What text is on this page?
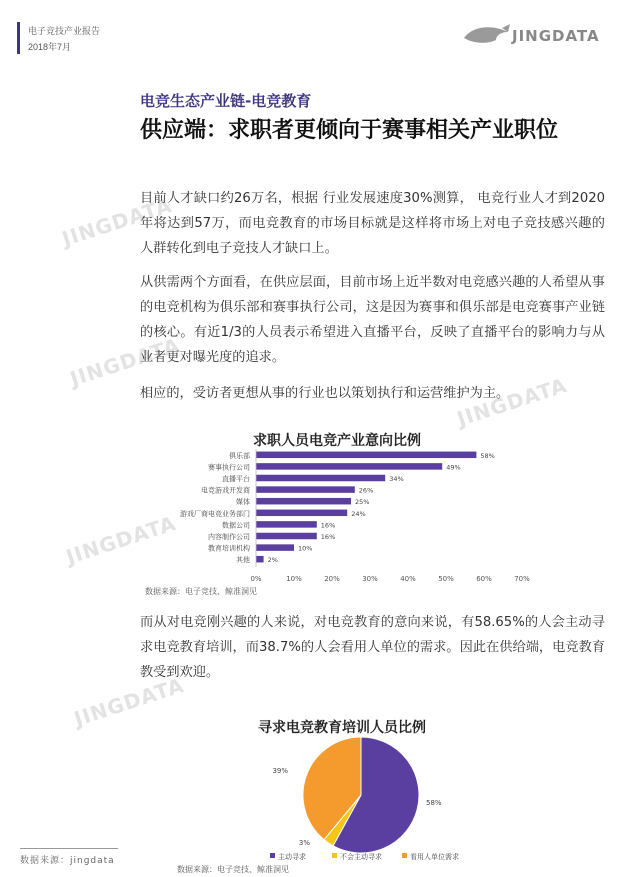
电子竞技产业报告
2018年7月
JINGDATA
JINGDATA
JINGDATA
JINGDATA
JINGDATA
JINGDATA
电竞生态产业链-电竞教育
供应端：求职者更倾向于赛事相关产业职位
目前人才缺口约26万名，根据 行业发展速度30%测算， 电竞行业人才到2020年将达到57万，而电竞教育的市场目标就是这样将市场上对电子竞技感兴趣的人群转化到电子竞技人才缺口上。
从供需两个方面看，在供应层面，目前市场上近半数对电竞感兴趣的人希望从事的电竞机构为俱乐部和赛事执行公司，这是因为赛事和俱乐部是电竞赛事产业链的核心。有近1/3的人员表示希望进入直播平台，反映了直播平台的影响力与从业者更对曝光度的追求。
相应的，受访者更想从事的行业也以策划执行和运营维护为主。
求职人员电竞产业意向比例
俱乐部	58%
赛事执行公司	49%
直播平台	34%
电竞游戏开发商	26%
媒体	25%
游戏厂商电竞业务部门	24%
数据公司	16%
内容制作公司	16%
教育培训机构	10%
其他	2%
0%	10%	20%	30%	40%	50%	60%	70%
数据来源：电子竞技、鲸准洞见
而从对电竞刚兴趣的人来说，对电竞教育的意向来说，有58.65%的人会主动寻求电竞教育培训，而38.7%的人会看用人单位的需求。因此在供给端，电竞教育教受到欢迎。
寻求电竞教育培训人员比例
58%
3%
39%
主动寻求	不会主动寻求	看用人单位需求
数据来源：电子竞技、鲸准洞见
数据来源：jingdata
